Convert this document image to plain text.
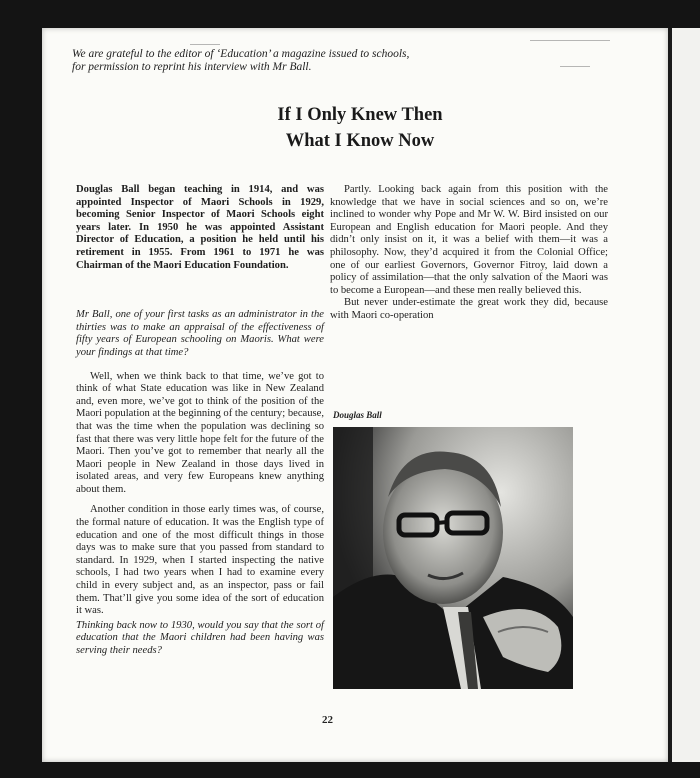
We are grateful to the editor of ‘Education’ a magazine issued to schools, for permission to reprint his interview with Mr Ball.
If I Only Knew Then
What I Know Now

Douglas Ball began teaching in 1914, and was appointed Inspector of Maori Schools in 1929, becoming Senior Inspector of Maori Schools eight years later. In 1950 he was appointed Assistant Director of Education, a position he held until his retirement in 1955. From 1961 to 1971 he was Chairman of the Maori Education Foundation.

Mr Ball, one of your first tasks as an administrator in the thirties was to make an appraisal of the effectiveness of fifty years of European schooling on Maoris. What were your findings at that time?

Well, when we think back to that time, we’ve got to think of what State education was like in New Zealand and, even more, we’ve got to think of the position of the Maori population at the beginning of the century; because, that was the time when the population was declining so fast that there was very little hope felt for the future of the Maori. Then you’ve got to remember that nearly all the Maori people in New Zealand in those days lived in isolated areas, and very few Europeans knew anything about them.

Another condition in those early times was, of course, the formal nature of education. It was the English type of education and one of the most difficult things in those days was to make sure that you passed from standard to standard. In 1929, when I started inspecting the native schools, I had two years when I had to examine every child in every subject and, as an inspector, pass or fail them. That’ll give you some idea of the sort of education it was.

Thinking back now to 1930, would you say that the sort of education that the Maori children had been having was serving their needs?

Partly. Looking back again from this position with the knowledge that we have in social sciences and so on, we’re inclined to wonder why Pope and Mr W. W. Bird insisted on our European and English education for Maori people. And they didn’t only insist on it, it was a belief with them—it was a philosophy. Now, they’d acquired it from the Colonial Office; one of our earliest Governors, Governor Fitroy, laid down a policy of assimilation—that the only salvation of the Maori was to become a European—and these men really believed this.

But never under-estimate the great work they did, because with Maori co-operation

Douglas Ball
22
